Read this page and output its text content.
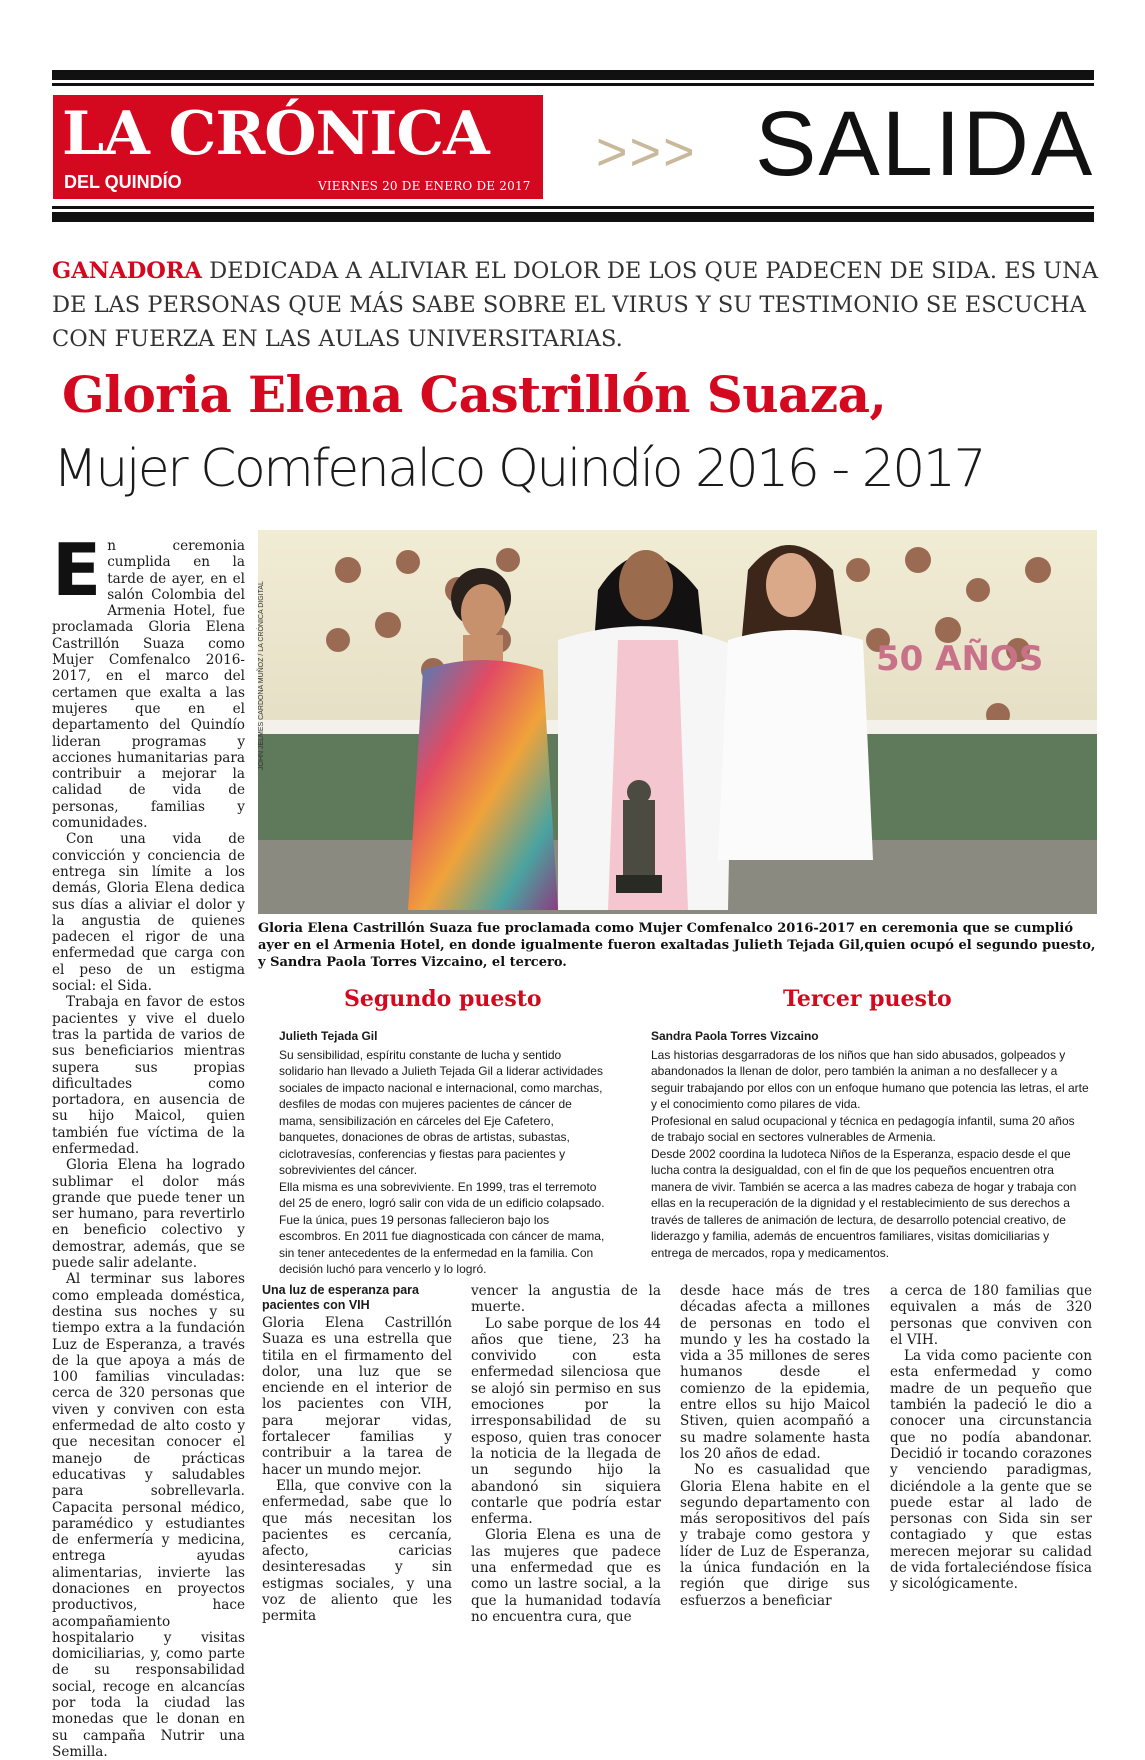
LA CRÓNICA
DEL QUINDÍO	VIERNES 20 DE ENERO DE 2017
>>> SALIDA
GANADORA DEDICADA A ALIVIAR EL DOLOR DE LOS QUE PADECEN DE SIDA. ES UNA DE LAS PERSONAS QUE MÁS SABE SOBRE EL VIRUS Y SU TESTIMONIO SE ESCUCHA CON FUERZA EN LAS AULAS UNIVERSITARIAS.
Gloria Elena Castrillón Suaza,
Mujer Comfenalco Quindío 2016 - 2017
E n ceremonia cumplida en la tarde de ayer, en el salón Colombia del Armenia Hotel, fue proclamada Gloria Elena Castrillón Suaza como Mujer Comfenalco 2016-2017, en el marco del certamen que exalta a las mujeres que en el departamento del Quindío lideran programas y acciones humanitarias para contribuir a mejorar la calidad de vida de personas, familias y comunidades.

Con una vida de convicción y conciencia de entrega sin límite a los demás, Gloria Elena dedica sus días a aliviar el dolor y la angustia de quienes padecen el rigor de una enfermedad que carga con el peso de un estigma social: el Sida.

Trabaja en favor de estos pacientes y vive el duelo tras la partida de varios de sus beneficiarios mientras supera sus propias dificultades como portadora, en ausencia de su hijo Maicol, quien también fue víctima de la enfermedad.

Gloria Elena ha logrado sublimar el dolor más grande que puede tener un ser humano, para revertirlo en beneficio colectivo y demostrar, además, que se puede salir adelante.

Al terminar sus labores como empleada doméstica, destina sus noches y su tiempo extra a la fundación Luz de Esperanza, a través de la que apoya a más de 100 familias vinculadas: cerca de 320 personas que viven y conviven con esta enfermedad de alto costo y que necesitan conocer el manejo de prácticas educativas y saludables para sobrellevarla. Capacita personal médico, paramédico y estudiantes de enfermería y medicina, entrega ayudas alimentarias, invierte las donaciones en proyectos productivos, hace acompañamiento hospitalario y visitas domiciliarias, y, como parte de su responsabilidad social, recoge en alcancías por toda la ciudad las monedas que le donan en su campaña Nutrir una Semilla.

50 AÑOS
JOHN JELMES CARDONA MUÑOZ / LA CRÓNICA DIGITAL
Gloria Elena Castrillón Suaza fue proclamada como Mujer Comfenalco 2016-2017 en ceremonia que se cumplió ayer en el Armenia Hotel, en donde igualmente fueron exaltadas Julieth Tejada Gil,quien ocupó el segundo puesto, y Sandra Paola Torres Vizcaino, el tercero.
Segundo puesto

Julieth Tejada Gil

Su sensibilidad, espíritu constante de lucha y sentido solidario han llevado a Julieth Tejada Gil a liderar actividades sociales de impacto nacional e internacional, como marchas, desfiles de modas con mujeres pacientes de cáncer de mama, sensibilización en cárceles del Eje Cafetero, banquetes, donaciones de obras de artistas, subastas, ciclotravesías, conferencias y fiestas para pacientes y sobrevivientes del cáncer.

Ella misma es una sobreviviente. En 1999, tras el terremoto del 25 de enero, logró salir con vida de un edificio colapsado. Fue la única, pues 19 personas fallecieron bajo los escombros. En 2011 fue diagnosticada con cáncer de mama, sin tener antecedentes de la enfermedad en la familia. Con decisión luchó para vencerlo y lo logró.

Tercer puesto

Sandra Paola Torres Vizcaino

Las historias desgarradoras de los niños que han sido abusados, golpeados y abandonados la llenan de dolor, pero también la animan a no desfallecer y a seguir trabajando por ellos con un enfoque humano que potencia las letras, el arte y el conocimiento como pilares de vida.

Profesional en salud ocupacional y técnica en pedagogía infantil, suma 20 años de trabajo social en sectores vulnerables de Armenia.

Desde 2002 coordina la ludoteca Niños de la Esperanza, espacio desde el que lucha contra la desigualdad, con el fin de que los pequeños encuentren otra manera de vivir. También se acerca a las madres cabeza de hogar y trabaja con ellas en la recuperación de la dignidad y el restablecimiento de sus derechos a través de talleres de animación de lectura, de desarrollo potencial creativo, de liderazgo y familia, además de encuentros familiares, visitas domiciliarias y entrega de mercados, ropa y medicamentos.

Una luz de esperanza para pacientes con VIH

Gloria Elena Castrillón Suaza es una estrella que titila en el firmamento del dolor, una luz que se enciende en el interior de los pacientes con VIH, para mejorar vidas, fortalecer familias y contribuir a la tarea de hacer un mundo mejor.

Ella, que convive con la enfermedad, sabe que lo que más necesitan los pacientes es cercanía, afecto, caricias desinteresadas y sin estigmas sociales, y una voz de aliento que les permita

vencer la angustia de la muerte.

Lo sabe porque de los 44 años que tiene, 23 ha convivido con esta enfermedad silenciosa que se alojó sin permiso en sus emociones por la irresponsabilidad de su esposo, quien tras conocer la noticia de la llegada de un segundo hijo la abandonó sin siquiera contarle que podría estar enferma.

Gloria Elena es una de las mujeres que padece una enfermedad que es como un lastre social, a la que la humanidad todavía no encuentra cura, que

desde hace más de tres décadas afecta a millones de personas en todo el mundo y les ha costado la vida a 35 millones de seres humanos desde el comienzo de la epidemia, entre ellos su hijo Maicol Stiven, quien acompañó a su madre solamente hasta los 20 años de edad.

No es casualidad que Gloria Elena habite en el segundo departamento con más seropositivos del país y trabaje como gestora y líder de Luz de Esperanza, la única fundación en la región que dirige sus esfuerzos a beneficiar

a cerca de 180 familias que equivalen a más de 320 personas que conviven con el VIH.

La vida como paciente con esta enfermedad y como madre de un pequeño que también la padeció le dio a conocer una circunstancia que no podía abandonar. Decidió ir tocando corazones y venciendo paradigmas, diciéndole a la gente que se puede estar al lado de personas con Sida sin ser contagiado y que estas merecen mejorar su calidad de vida fortaleciéndose física y sicológicamente.
